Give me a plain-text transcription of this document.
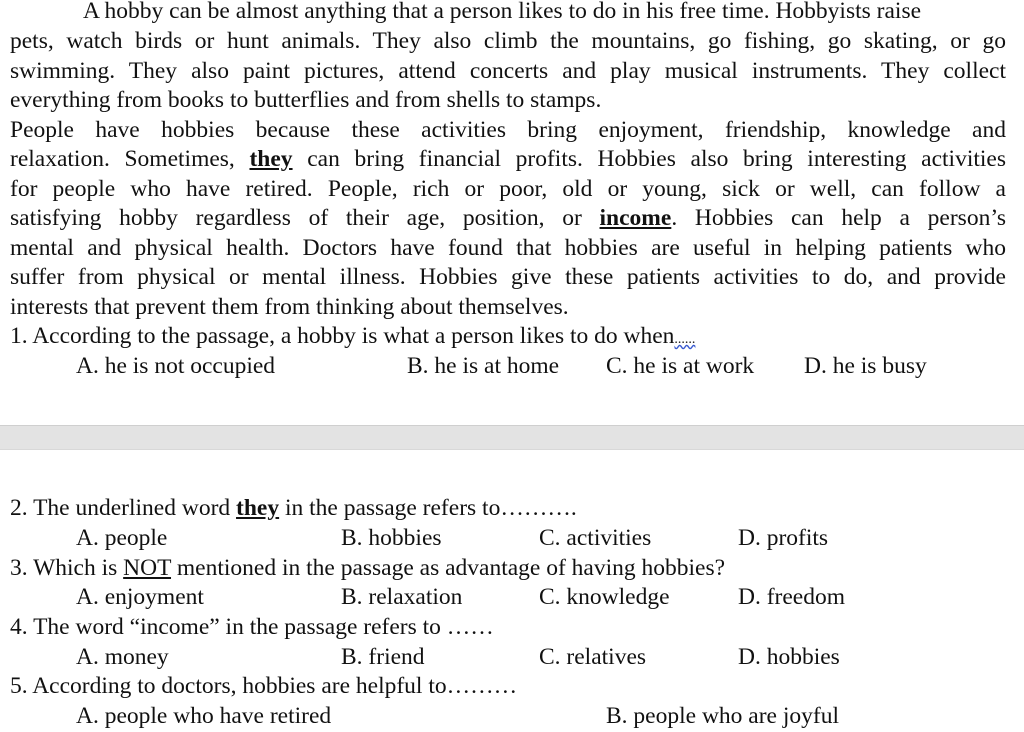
A hobby can be almost anything that a person likes to do in his free time. Hobbyists raise
pets, watch birds or hunt animals. They also climb the mountains, go fishing, go skating, or go
swimming. They also paint pictures, attend concerts and play musical instruments. They collect
everything from books to butterflies and from shells to stamps.
People have hobbies because these activities bring enjoyment, friendship, knowledge and
relaxation. Sometimes, they can bring financial profits. Hobbies also bring interesting activities
for people who have retired. People, rich or poor, old or young, sick or well, can follow a
satisfying hobby regardless of their age, position, or income. Hobbies can help a person’s
mental and physical health. Doctors have found that hobbies are useful in helping patients who
suffer from physical or mental illness. Hobbies give these patients activities to do, and provide
interests that prevent them from thinking about themselves.
1. According to the passage, a hobby is what a person likes to do when......
A. he is not occupied	B. he is at home C. he is at work D. he is busy
2. The underlined word they in the passage refers to……….
A. people	B. hobbies	C. activities	D. profits
3. Which is NOT mentioned in the passage as advantage of having hobbies?
A. enjoyment	B. relaxation	C. knowledge	D. freedom
4. The word “income” in the passage refers to ……
A. money	B. friend	C. relatives	D. hobbies
5. According to doctors, hobbies are helpful to………
A. people who have retired	B. people who are joyful
